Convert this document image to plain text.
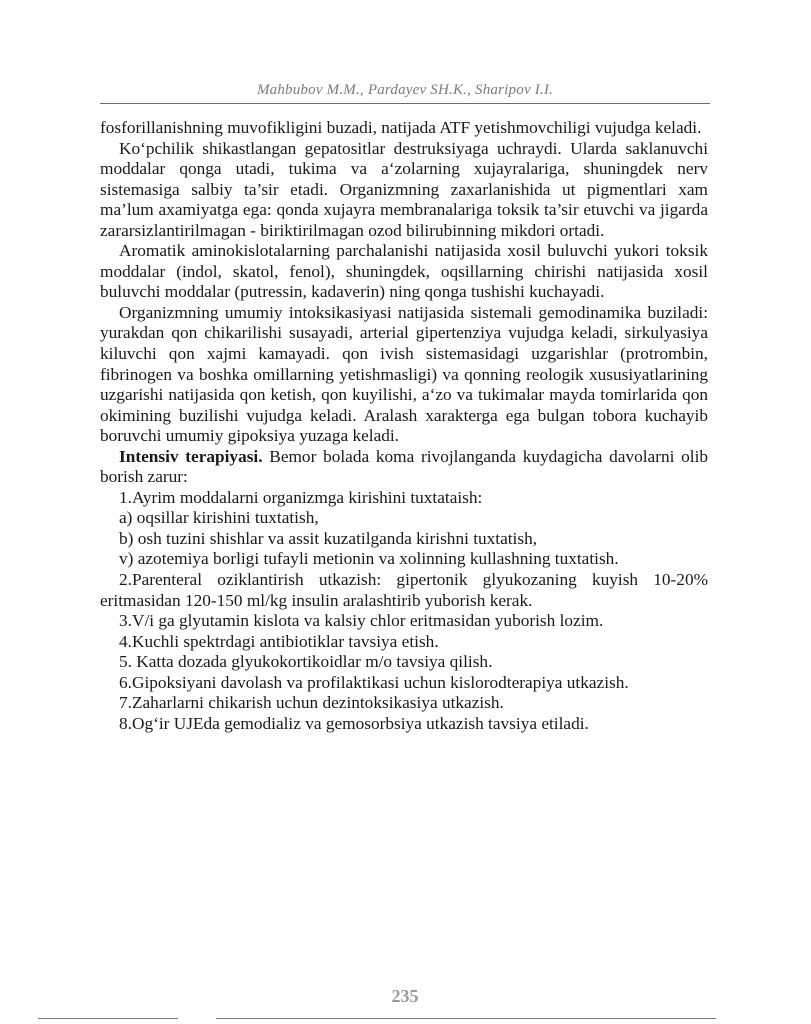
Mahbubov M.M., Pardayev SH.K., Sharipov I.I.

fosforillanishning muvofikligini buzadi, natijada ATF yetishmovchiligi vujudga keladi.

Ko‘pchilik shikastlangan gepatositlar destruksiyaga uchraydi. Ularda saklanuvchi moddalar qonga utadi, tukima va a‘zolarning xujayralariga, shuningdek nerv sistemasiga salbiy ta’sir etadi. Organizmning zaxarlanishida ut pigmentlari xam ma’lum axamiyatga ega: qonda xujayra membranalariga toksik ta’sir etuvchi va jigarda zararsizlantirilmagan - biriktirilmagan ozod bilirubinning mikdori ortadi.

Aromatik aminokislotalarning parchalanishi natijasida xosil buluvchi yukori toksik moddalar (indol, skatol, fenol), shuningdek, oqsillarning chirishi natijasida xosil buluvchi moddalar (putressin, kadaverin) ning qonga tushishi kuchayadi.

Organizmning umumiy intoksikasiyasi natijasida sistemali gemodinamika buziladi: yurakdan qon chikarilishi susayadi, arterial gipertenziya vujudga keladi, sirkulyasiya kiluvchi qon xajmi kamayadi. qon ivish sistemasidagi uzgarishlar (protrombin, fibrinogen va boshka omillarning yetishmasligi) va qonning reologik xususiyatlarining uzgarishi natijasida qon ketish, qon kuyilishi, a‘zo va tukimalar mayda tomirlarida qon okimining buzilishi vujudga keladi. Aralash xarakterga ega bulgan tobora kuchayib boruvchi umumiy gipoksiya yuzaga keladi.

Intensiv terapiyasi. Bemor bolada koma rivojlanganda kuydagicha davolarni olib borish zarur:

1.Ayrim moddalarni organizmga kirishini tuxtataish:

a) oqsillar kirishini tuxtatish,

b) osh tuzini shishlar va assit kuzatilganda kirishni tuxtatish,

v) azotemiya borligi tufayli metionin va xolinning kullashning tuxtatish.

2.Parenteral oziklantirish utkazish: gipertonik glyukozaning kuyish 10-20% eritmasidan 120-150 ml/kg insulin aralashtirib yuborish kerak.

3.V/i ga glyutamin kislota va kalsiy chlor eritmasidan yuborish lozim.

4.Kuchli spektrdagi antibiotiklar tavsiya etish.

5. Katta dozada glyukokortikoidlar m/o tavsiya qilish.

6.Gipoksiyani davolash va profilaktikasi uchun kislorodterapiya utkazish.

7.Zaharlarni chikarish uchun dezintoksikasiya utkazish.

8.Og‘ir UJEda gemodializ va gemosorbsiya utkazish tavsiya etiladi.

235
